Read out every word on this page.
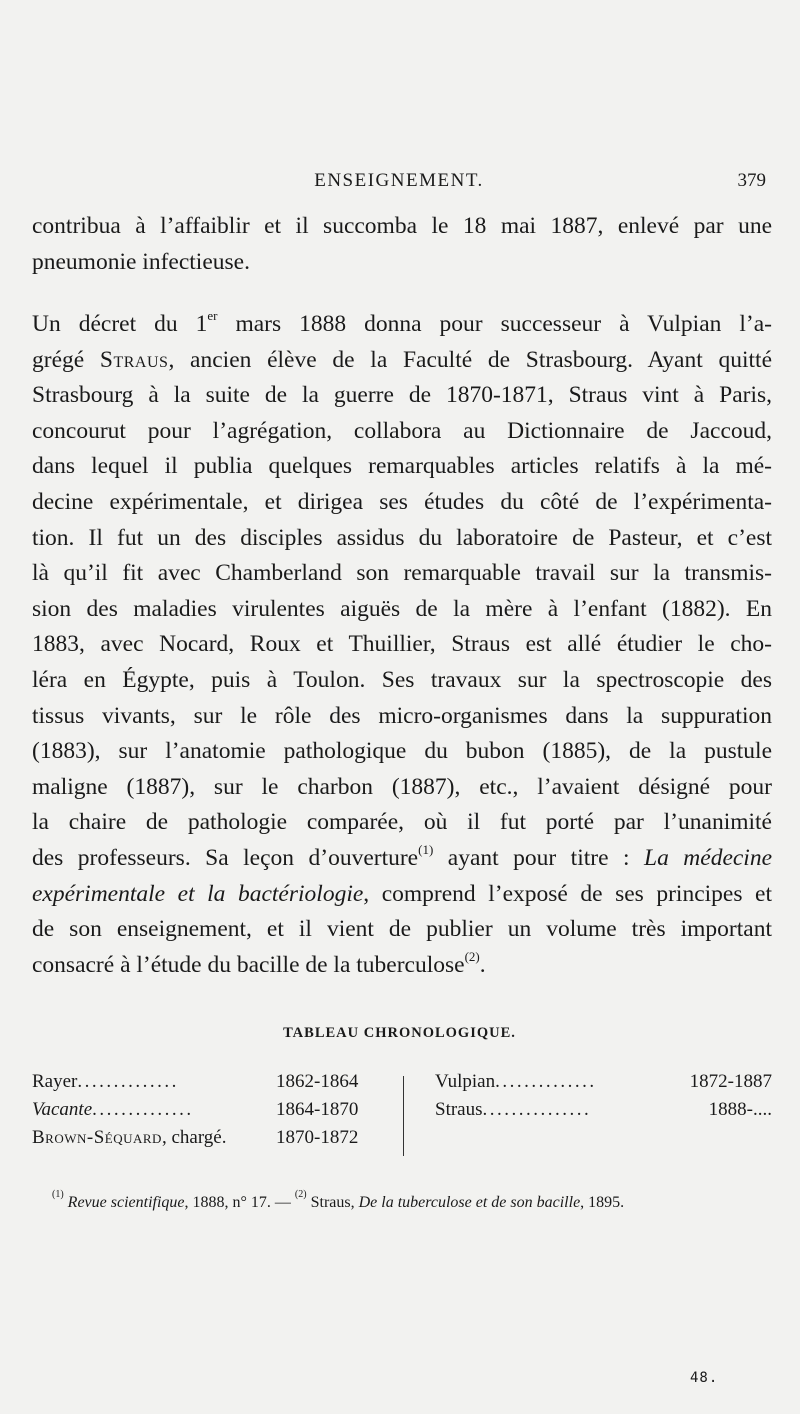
ENSEIGNEMENT.	379

contribua à l’affaiblir et il succomba le 18 mai 1887, enlevé par une
pneumonie infectieuse.

Un décret du 1er mars 1888 donna pour successeur à Vulpian l’a-
grégé Straus, ancien élève de la Faculté de Strasbourg. Ayant quitté
Strasbourg à la suite de la guerre de 1870-1871, Straus vint à Paris,
concourut pour l’agrégation, collabora au Dictionnaire de Jaccoud,
dans lequel il publia quelques remarquables articles relatifs à la mé-
decine expérimentale, et dirigea ses études du côté de l’expérimenta-
tion. Il fut un des disciples assidus du laboratoire de Pasteur, et c’est
là qu’il fit avec Chamberland son remarquable travail sur la transmis-
sion des maladies virulentes aiguës de la mère à l’enfant (1882). En
1883, avec Nocard, Roux et Thuillier, Straus est allé étudier le cho-
léra en Égypte, puis à Toulon. Ses travaux sur la spectroscopie des
tissus vivants, sur le rôle des micro-organismes dans la suppuration
(1883), sur l’anatomie pathologique du bubon (1885), de la pustule
maligne (1887), sur le charbon (1887), etc., l’avaient désigné pour
la chaire de pathologie comparée, où il fut porté par l’unanimité
des professeurs. Sa leçon d’ouverture$^{(1)}$ ayant pour titre : La médecine
expérimentale et la bactériologie, comprend l’exposé de ses principes et
de son enseignement, et il vient de publier un volume très important
consacré à l’étude du bacille de la tuberculose$^{(2)}$.

TABLEAU CHRONOLOGIQUE.
Rayer ..............	1862-1864
Vacante ..............	1864-1870
Brown-Séquard, chargé.	1870-1872
Vulpian ..............	1872-1887
Straus ...............	1888-....
$^{(1)}$ Revue scientifique, 1888, n° 17. — $^{(2)}$ Straus, De la tuberculose et de son bacille, 1895.
48.
